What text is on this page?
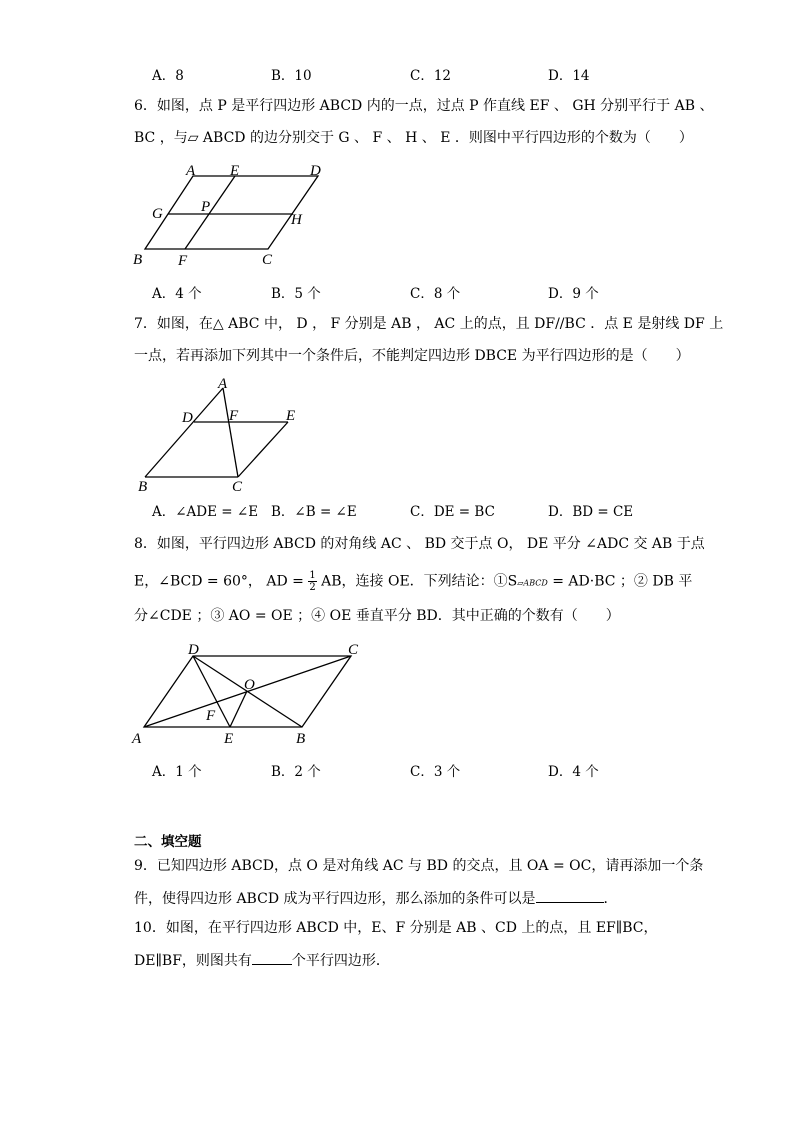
A．8	B．10	C．12	D．14
6．如图，点 P 是平行四边形 ABCD 内的一点，过点 P 作直线 EF 、 GH 分别平行于 AB 、
BC ，与▱ ABCD 的边分别交于 G 、 F 、 H 、 E ．则图中平行四边形的个数为（　　）
A E	D
G	P
H
B F	C
A．4 个	B．5 个	C．8 个	D．9 个
7．如图，在△ ABC 中， D ， F 分别是 AB ， AC 上的点，且 DF//BC ．点 E 是射线 DF 上
一点，若再添加下列其中一个条件后，不能判定四边形 DBCE 为平行四边形的是（　　）
A
D F	E
B	C
A．∠ADE = ∠E B．∠B = ∠E	C．DE = BC	D．BD = CE
8．如图，平行四边形 ABCD 的对角线 AC 、 BD 交于点 O， DE 平分 ∠ADC 交 AB 于点
E，∠BCD = 60°， AD = $\frac{1}{2}$ AB，连接 OE．下列结论：①S▱ABCD = AD·BC ；② DB 平
分∠CDE ；③ AO = OE ；④ OE 垂直平分 BD．其中正确的个数有（　　）
D	C
O
F
A	E	B
A．1 个	B．2 个	C．3 个	D．4 个
二、填空题
9．已知四边形 ABCD，点 O 是对角线 AC 与 BD 的交点，且 OA = OC，请再添加一个条
件，使得四边形 ABCD 成为平行四边形，那么添加的条件可以是	．
10．如图，在平行四边形 ABCD 中，E、F 分别是 AB 、CD 上的点，且 EF∥BC，
DE∥BF，则图共有	个平行四边形．
